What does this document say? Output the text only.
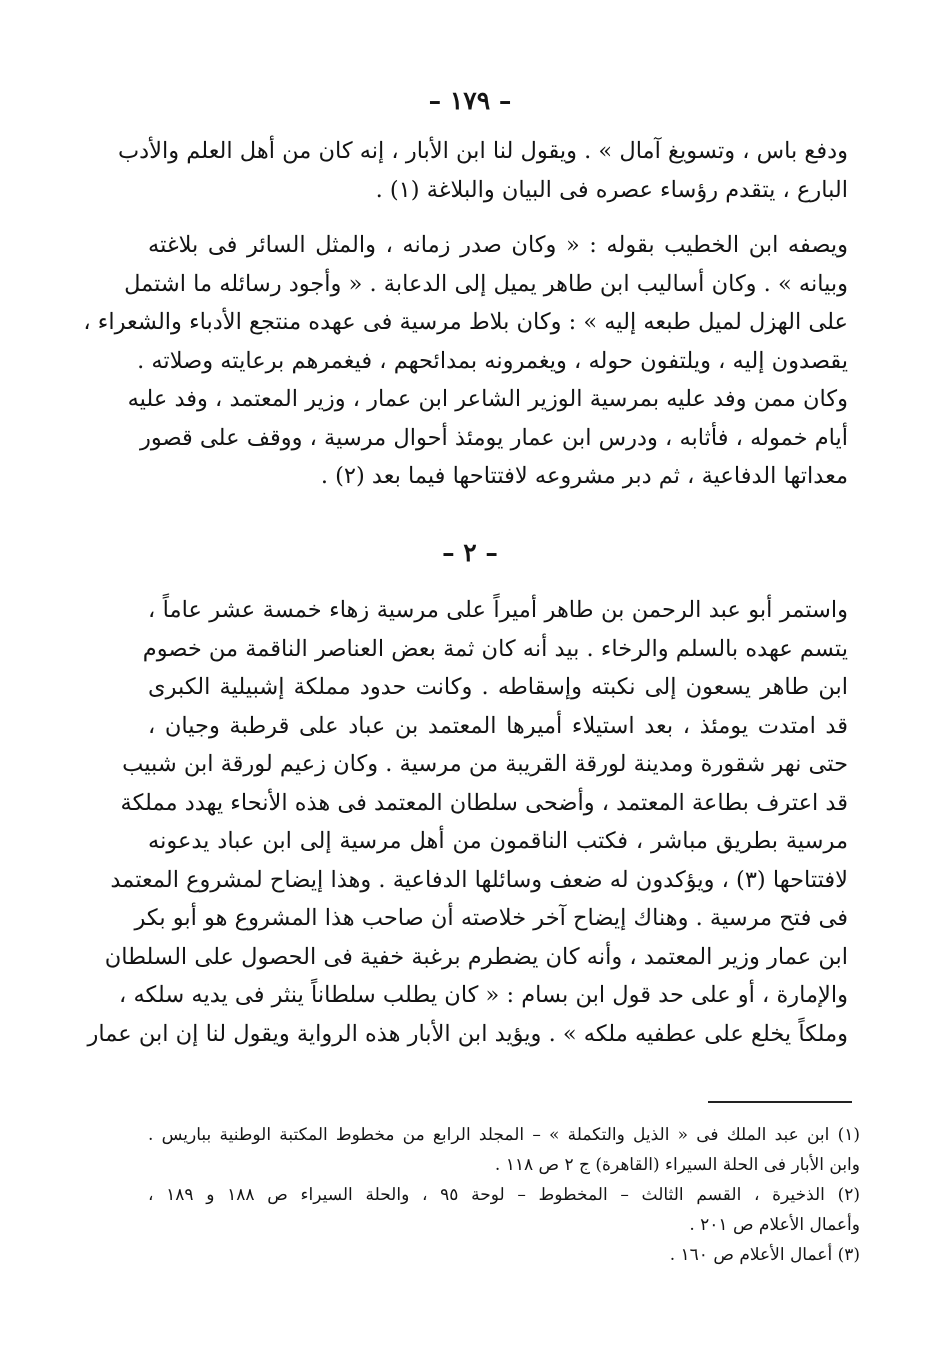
– ١٧٩ –
ودفع باس ، وتسويغ آمال » . ويقول لنا ابن الأبار ، إنه كان من أهل العلم والأدب
البارع ، يتقدم رؤساء عصره فى البيان والبلاغة (١) .
ويصفه ابن الخطيب بقوله : « وكان صدر زمانه ، والمثل السائر فى بلاغته
وبيانه » . وكان أساليب ابن طاهر يميل إلى الدعابة . « وأجود رسائله ما اشتمل
على الهزل لميل طبعه إليه » : وكان بلاط مرسية فى عهده منتجع الأدباء والشعراء ،
يقصدون إليه ، ويلتفون حوله ، ويغمرونه بمدائحهم ، فيغمرهم برعايته وصلاته .
وكان ممن وفد عليه بمرسية الوزير الشاعر ابن عمار ، وزير المعتمد ، وفد عليه
أيام خموله ، فأثابه ، ودرس ابن عمار يومئذ أحوال مرسية ، ووقف على قصور
معداتها الدفاعية ، ثم دبر مشروعه لافتتاحها فيما بعد (٢) .
– ٢ –
واستمر أبو عبد الرحمن بن طاهر أميراً على مرسية زهاء خمسة عشر عاماً ،
يتسم عهده بالسلم والرخاء . بيد أنه كان ثمة بعض العناصر الناقمة من خصوم
ابن طاهر يسعون إلى نكبته وإسقاطه . وكانت حدود مملكة إشبيلية الكبرى
قد امتدت يومئذ ، بعد استيلاء أميرها المعتمد بن عباد على قرطبة وجيان ،
حتى نهر شقورة ومدينة لورقة القريبة من مرسية . وكان زعيم لورقة ابن شبيب
قد اعترف بطاعة المعتمد ، وأضحى سلطان المعتمد فى هذه الأنحاء يهدد مملكة
مرسية بطريق مباشر ، فكتب الناقمون من أهل مرسية إلى ابن عباد يدعونه
لافتتاحها (٣) ، ويؤكدون له ضعف وسائلها الدفاعية . وهذا إيضاح لمشروع المعتمد
فى فتح مرسية . وهناك إيضاح آخر خلاصته أن صاحب هذا المشروع هو أبو بكر
ابن عمار وزير المعتمد ، وأنه كان يضطرم برغبة خفية فى الحصول على السلطان
والإمارة ، أو على حد قول ابن بسام : « كان يطلب سلطاناً ينثر فى يديه سلكه ،
وملكاً يخلع على عطفيه ملكه » . ويؤيد ابن الأبار هذه الرواية ويقول لنا إن ابن عمار
(١) ابن عبد الملك فى « الذيل والتكملة » – المجلد الرابع من مخطوط المكتبة الوطنية بباريس .
وابن الأبار فى الحلة السيراء (القاهرة) ج ٢ ص ١١٨ .
(٢) الذخيرة ، القسم الثالث – المخطوط – لوحة ٩٥ ، والحلة السيراء ص ١٨٨ و ١٨٩ ،
وأعمال الأعلام ص ٢٠١ .
(٣) أعمال الأعلام ص ١٦٠ .
